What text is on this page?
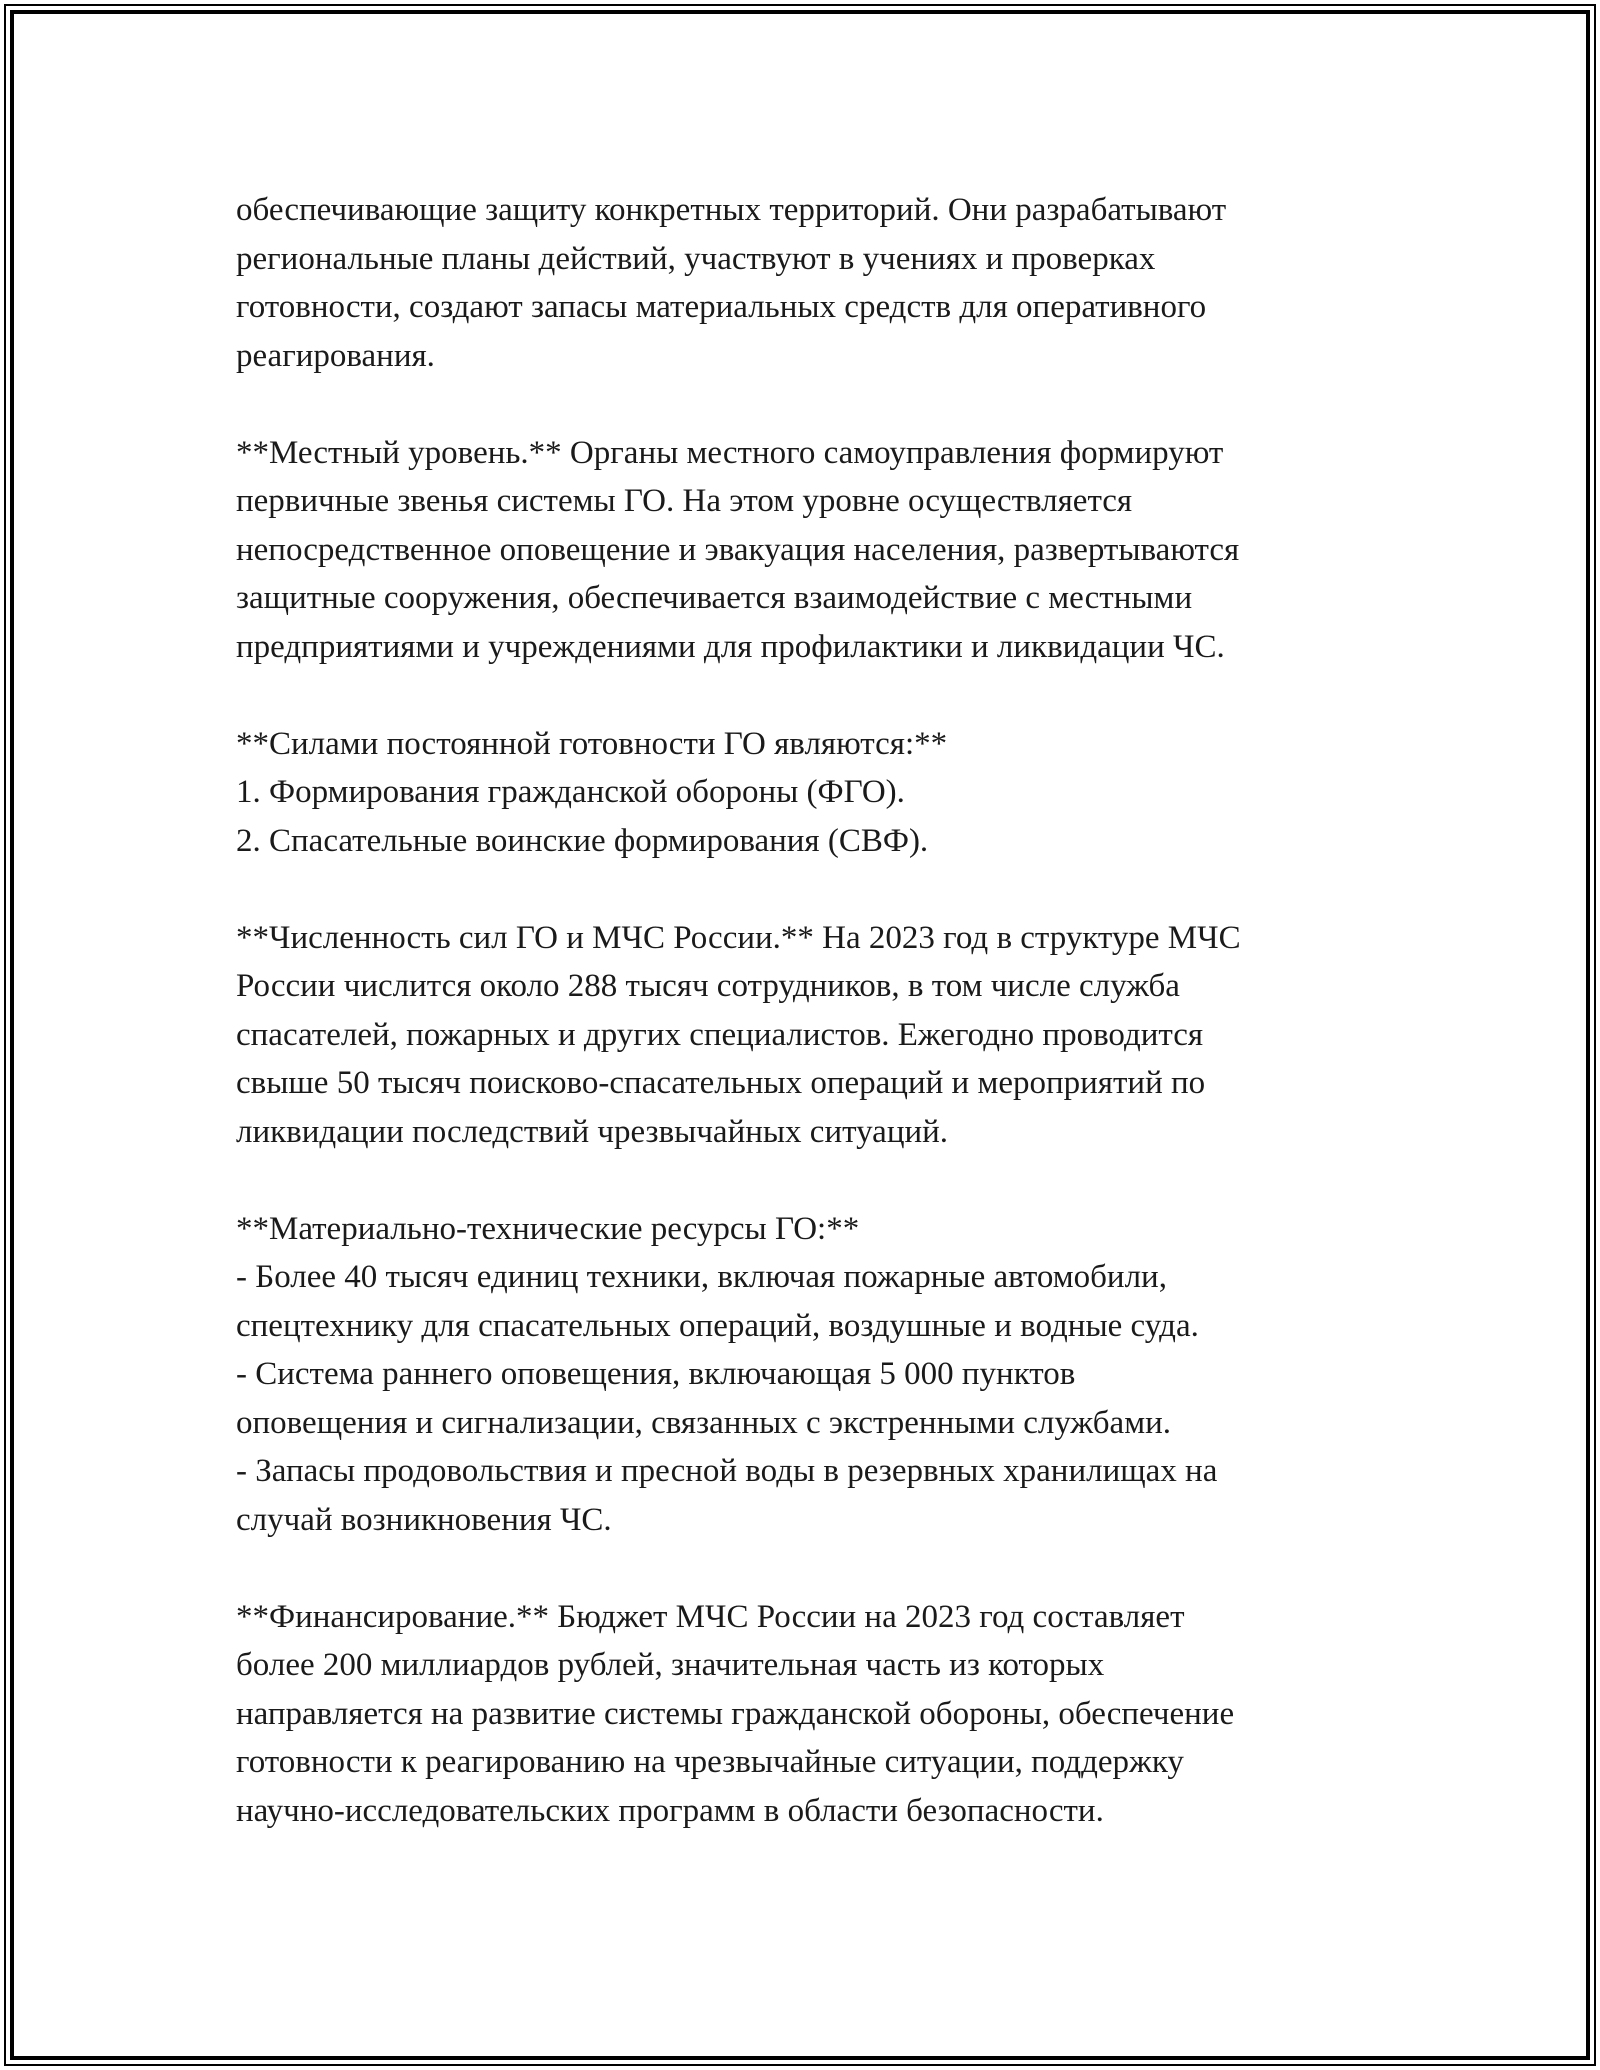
обеспечивающие защиту конкретных территорий. Они разрабатывают
региональные планы действий, участвуют в учениях и проверках
готовности, создают запасы материальных средств для оперативного
реагирования.
**Местный уровень.** Органы местного самоуправления формируют
первичные звенья системы ГО. На этом уровне осуществляется
непосредственное оповещение и эвакуация населения, развертываются
защитные сооружения, обеспечивается взаимодействие с местными
предприятиями и учреждениями для профилактики и ликвидации ЧС.
**Силами постоянной готовности ГО являются:**
1. Формирования гражданской обороны (ФГО).
2. Спасательные воинские формирования (СВФ).
**Численность сил ГО и МЧС России.** На 2023 год в структуре МЧС
России числится около 288 тысяч сотрудников, в том числе служба
спасателей, пожарных и других специалистов. Ежегодно проводится
свыше 50 тысяч поисково-спасательных операций и мероприятий по
ликвидации последствий чрезвычайных ситуаций.
**Материально-технические ресурсы ГО:**
- Более 40 тысяч единиц техники, включая пожарные автомобили,
спецтехнику для спасательных операций, воздушные и водные суда.
- Система раннего оповещения, включающая 5 000 пунктов
оповещения и сигнализации, связанных с экстренными службами.
- Запасы продовольствия и пресной воды в резервных хранилищах на
случай возникновения ЧС.
**Финансирование.** Бюджет МЧС России на 2023 год составляет
более 200 миллиардов рублей, значительная часть из которых
направляется на развитие системы гражданской обороны, обеспечение
готовности к реагированию на чрезвычайные ситуации, поддержку
научно-исследовательских программ в области безопасности.
